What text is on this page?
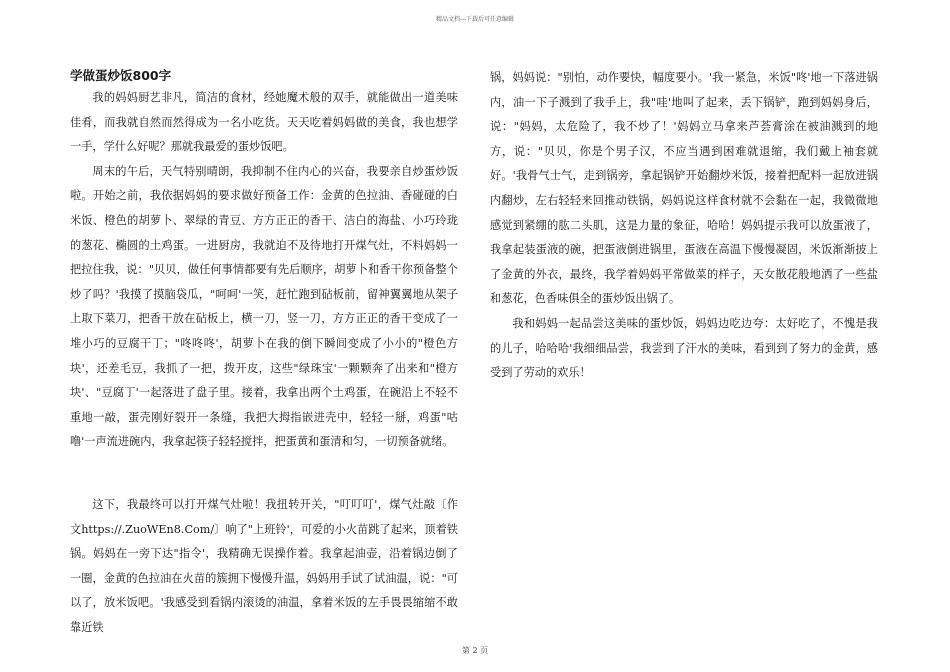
精品文档---下载后可任意编辑
学做蛋炒饭800字

我的妈妈厨艺非凡，简洁的食材，经她魔术般的双手，就能做出一道美味佳肴，而我就自然而然得成为一名小吃货。天天吃着妈妈做的美食，我也想学一手，学什么好呢？那就我最爱的蛋炒饭吧。

周末的午后，天气特别晴朗，我抑制不住内心的兴奋，我要亲自炒蛋炒饭啦。开始之前，我依据妈妈的要求做好预备工作：金黄的色拉油、香碰碰的白米饭、橙色的胡萝卜、翠绿的青豆、方方正正的香干、洁白的海盐、小巧玲珑的葱花、椭圆的土鸡蛋。一进厨房，我就迫不及待地打开煤气灶，不料妈妈一把拉住我，说："贝贝，做任何事情都要有先后顺序，胡萝卜和香干你预备整个炒了吗？'我摸了摸脑袋瓜，"呵呵'一笑，赶忙跑到砧板前，留神翼翼地从架子上取下菜刀，把香干放在砧板上，横一刀，竖一刀，方方正正的香干变成了一堆小巧的豆腐干丁；"咚咚咚'，胡萝卜在我的倒下瞬间变成了小小的"橙色方块'，还差毛豆，我抓了一把，拨开皮，这些"绿珠宝'一颗颗奔了出来和"橙方块'、"豆腐丁'一起落进了盘子里。接着，我拿出两个土鸡蛋，在碗沿上不轻不重地一敲，蛋壳刚好裂开一条缝，我把大拇指嵌进壳中，轻轻一掰，鸡蛋"咕噜'一声流进碗内，我拿起筷子轻轻搅拌，把蛋黄和蛋清和匀，一切预备就绪。

这下，我最终可以打开煤气灶啦！我扭转开关，"叮叮叮'，煤气灶敲〔作文https://.ZuoWEn8.Com/〕响了"上班铃'，可爱的小火苗跳了起来，顶着铁锅。妈妈在一旁下达"指令'，我精确无误操作着。我拿起油壶，沿着锅边倒了一圈，金黄的色拉油在火苗的簇拥下慢慢升温，妈妈用手试了试油温，说："可以了，放米饭吧。'我感受到看锅内滚烫的油温，拿着米饭的左手畏畏缩缩不敢靠近铁

锅，妈妈说："别怕，动作要快，幅度要小。'我一紧急，米饭"咚'地一下落进锅内，油一下子溅到了我手上，我"哇'地叫了起来，丢下锅铲，跑到妈妈身后，说："妈妈，太危险了，我不炒了！'妈妈立马拿来芦荟膏涂在被油溅到的地方，说："贝贝，你是个男子汉，不应当遇到困难就退缩，我们戴上袖套就好。'我骨气士气，走到锅旁，拿起锅铲开始翻炒米饭，接着把配料一起放进锅内翻炒，左右轻轻来回推动铁锅，妈妈说这样食材就不会黏在一起，我微微地感觉到紧绷的肱二头肌，这是力量的象征，哈哈！妈妈提示我可以放蛋液了，我拿起装蛋液的碗，把蛋液倒进锅里，蛋液在高温下慢慢凝固，米饭渐渐披上了金黄的外衣，最终，我学着妈妈平常做菜的样子，天女散花般地洒了一些盐和葱花，色香味俱全的蛋炒饭出锅了。

我和妈妈一起品尝这美味的蛋炒饭，妈妈边吃边夸：太好吃了，不愧是我的儿子，哈哈哈'我细细品尝，我尝到了汗水的美味，看到到了努力的金黄，感受到了劳动的欢乐！

第 2 页
